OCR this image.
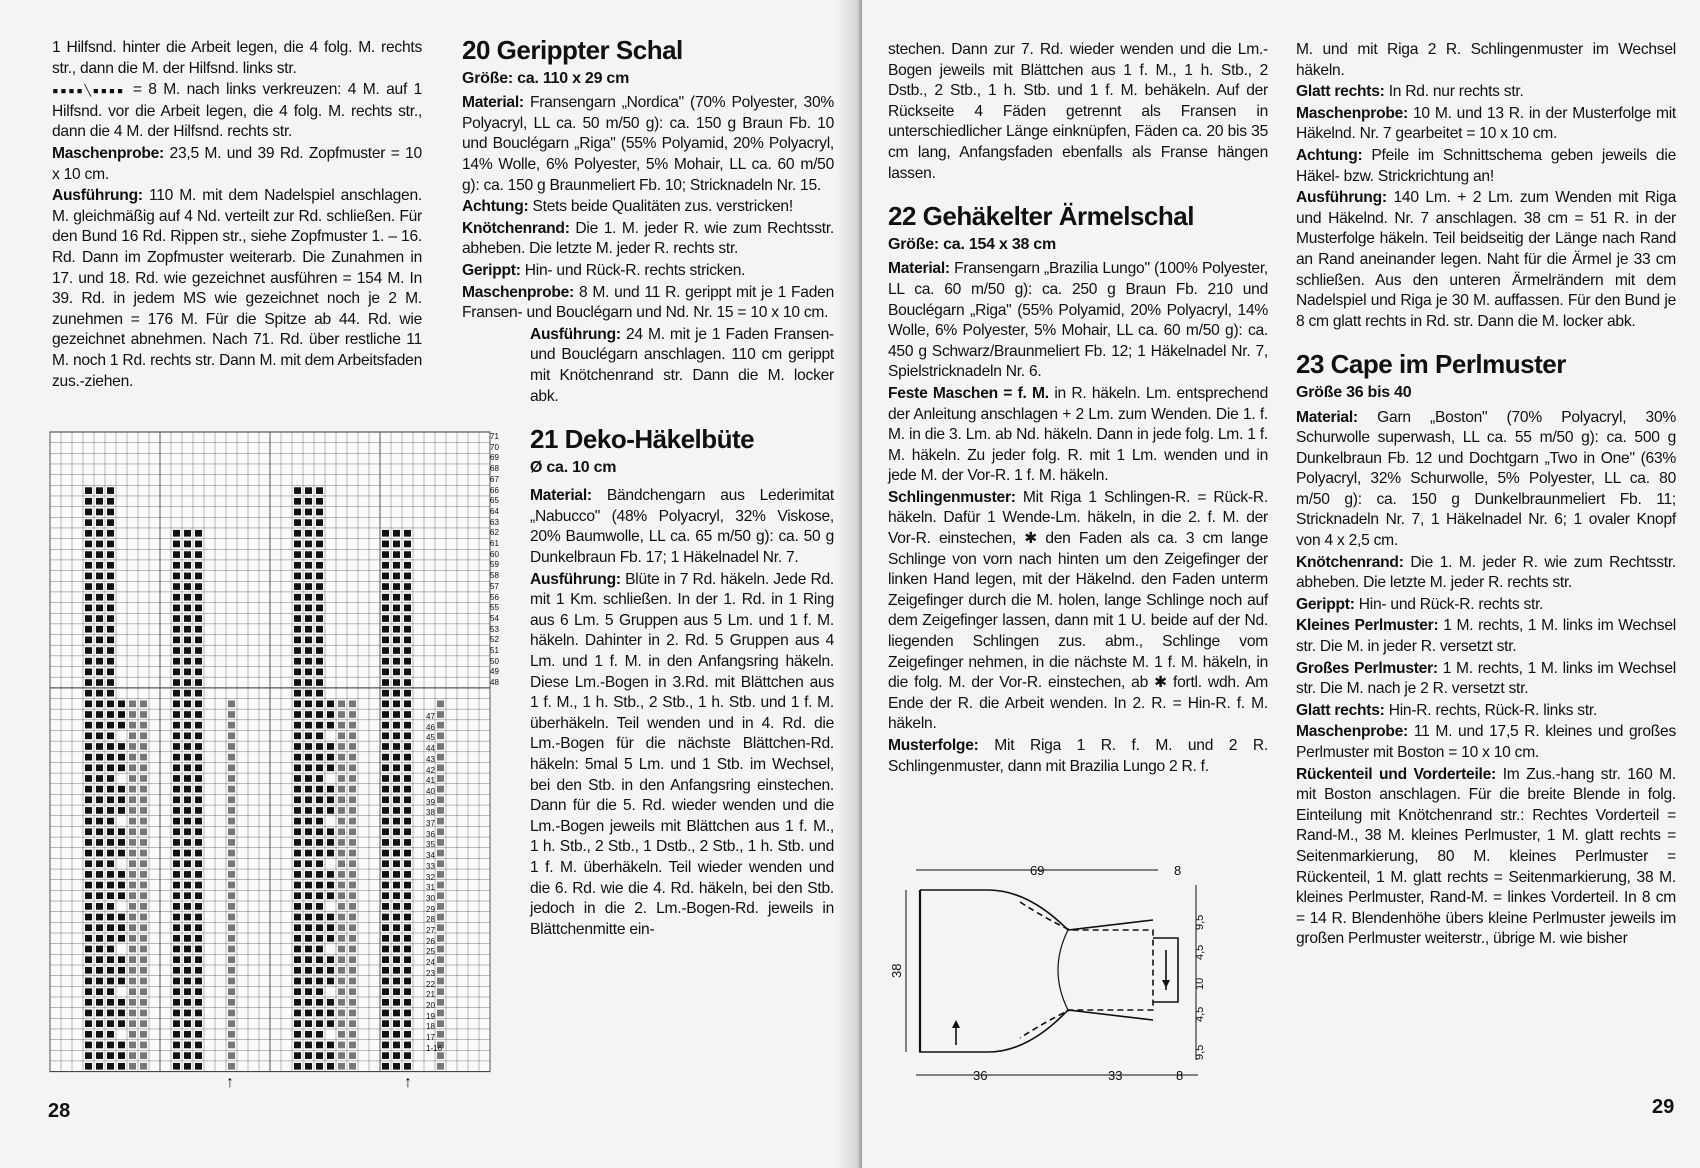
1 Hilfsnd. hinter die Arbeit legen, die 4 folg. M. rechts str., dann die M. der Hilfsnd. links str.

▪▪▪▪╲▪▪▪▪ = 8 M. nach links verkreuzen: 4 M. auf 1 Hilfsnd. vor die Arbeit legen, die 4 folg. M. rechts str., dann die 4 M. der Hilfsnd. rechts str.

Maschenprobe: 23,5 M. und 39 Rd. Zopfmuster = 10 x 10 cm.

Ausführung: 110 M. mit dem Nadelspiel anschlagen. M. gleichmäßig auf 4 Nd. verteilt zur Rd. schließen. Für den Bund 16 Rd. Rippen str., siehe Zopfmuster 1. – 16. Rd. Dann im Zopfmuster weiterarb. Die Zunahmen in 17. und 18. Rd. wie gezeichnet ausführen = 154 M. In 39. Rd. in jedem MS wie gezeichnet noch je 2 M. zunehmen = 176 M. Für die Spitze ab 44. Rd. wie gezeichnet abnehmen. Nach 71. Rd. über restliche 11 M. noch 1 Rd. rechts str. Dann M. mit dem Arbeitsfaden zus.-ziehen.

71
70
69
68
67
66
65
64
63
62
61
60
59
58
57
56
55
54
53
52
51
50
49
48
47
46
45
44
43
42
41
40
39
38
37
36
35
34
33
32
31
30
29
28
27
26
25
24
23
22
21
20
19
18
17
1-16
↑	↑
28
20 Gerippter Schal
Größe: ca. 110 x 29 cm

Material: Fransengarn „Nordica" (70% Polyester, 30% Polyacryl, LL ca. 50 m/50 g): ca. 150 g Braun Fb. 10 und Bouclégarn „Riga" (55% Polyamid, 20% Polyacryl, 14% Wolle, 6% Polyester, 5% Mohair, LL ca. 60 m/50 g): ca. 150 g Braunmeliert Fb. 10; Stricknadeln Nr. 15.

Achtung: Stets beide Qualitäten zus. verstricken!

Knötchenrand: Die 1. M. jeder R. wie zum Rechtsstr. abheben. Die letzte M. jeder R. rechts str.

Gerippt: Hin- und Rück-R. rechts stricken.

Maschenprobe: 8 M. und 11 R. gerippt mit je 1 Faden Fransen- und Bouclégarn und Nd. Nr. 15 = 10 x 10 cm.

Ausführung: 24 M. mit je 1 Faden Fransen- und Bouclégarn anschlagen. 110 cm gerippt mit Knötchenrand str. Dann die M. locker abk.

21 Deko-Häkelbüte
Ø ca. 10 cm

Material: Bändchengarn aus Lederimitat „Nabucco" (48% Polyacryl, 32% Viskose, 20% Baumwolle, LL ca. 65 m/50 g): ca. 50 g Dunkelbraun Fb. 17; 1 Häkelnadel Nr. 7.

Ausführung: Blüte in 7 Rd. häkeln. Jede Rd. mit 1 Km. schließen. In der 1. Rd. in 1 Ring aus 6 Lm. 5 Gruppen aus 5 Lm. und 1 f. M. häkeln. Dahinter in 2. Rd. 5 Gruppen aus 4 Lm. und 1 f. M. in den Anfangsring häkeln. Diese Lm.-Bogen in 3.Rd. mit Blättchen aus 1 f. M., 1 h. Stb., 2 Stb., 1 h. Stb. und 1 f. M. überhäkeln. Teil wenden und in 4. Rd. die Lm.-Bogen für die nächste Blättchen-Rd. häkeln: 5mal 5 Lm. und 1 Stb. im Wechsel, bei den Stb. in den Anfangsring einstechen. Dann für die 5. Rd. wieder wenden und die Lm.-Bogen jeweils mit Blättchen aus 1 f. M., 1 h. Stb., 2 Stb., 1 Dstb., 2 Stb., 1 h. Stb. und 1 f. M. überhäkeln. Teil wieder wenden und die 6. Rd. wie die 4. Rd. häkeln, bei den Stb. jedoch in die 2. Lm.-Bogen-Rd. jeweils in Blättchenmitte ein-

stechen. Dann zur 7. Rd. wieder wenden und die Lm.-Bogen jeweils mit Blättchen aus 1 f. M., 1 h. Stb., 2 Dstb., 2 Stb., 1 h. Stb. und 1 f. M. behäkeln. Auf der Rückseite 4 Fäden getrennt als Fransen in unterschiedlicher Länge einknüpfen, Fäden ca. 20 bis 35 cm lang, Anfangsfaden ebenfalls als Franse hängen lassen.

22 Gehäkelter Ärmelschal
Größe: ca. 154 x 38 cm

Material: Fransengarn „Brazilia Lungo" (100% Polyester, LL ca. 60 m/50 g): ca. 250 g Braun Fb. 210 und Bouclégarn „Riga" (55% Polyamid, 20% Polyacryl, 14% Wolle, 6% Polyester, 5% Mohair, LL ca. 60 m/50 g): ca. 450 g Schwarz/Braunmeliert Fb. 12; 1 Häkelnadel Nr. 7, Spielstricknadeln Nr. 6.

Feste Maschen = f. M. in R. häkeln. Lm. entsprechend der Anleitung anschlagen + 2 Lm. zum Wenden. Die 1. f. M. in die 3. Lm. ab Nd. häkeln. Dann in jede folg. Lm. 1 f. M. häkeln. Zu jeder folg. R. mit 1 Lm. wenden und in jede M. der Vor-R. 1 f. M. häkeln.

Schlingenmuster: Mit Riga 1 Schlingen-R. = Rück-R. häkeln. Dafür 1 Wende-Lm. häkeln, in die 2. f. M. der Vor-R. einstechen, ✱ den Faden als ca. 3 cm lange Schlinge von vorn nach hinten um den Zeigefinger der linken Hand legen, mit der Häkelnd. den Faden unterm Zeigefinger durch die M. holen, lange Schlinge noch auf dem Zeigefinger lassen, dann mit 1 U. beide auf der Nd. liegenden Schlingen zus. abm., Schlinge vom Zeigefinger nehmen, in die nächste M. 1 f. M. häkeln, in die folg. M. der Vor-R. einstechen, ab ✱ fortl. wdh. Am Ende der R. die Arbeit wenden. In 2. R. = Hin-R. f. M. häkeln.

Musterfolge: Mit Riga 1 R. f. M. und 2 R. Schlingenmuster, dann mit Brazilia Lungo 2 R. f.

69	8
36	33	8
38
9,5
4,5
10
4,5
9,5

M. und mit Riga 2 R. Schlingenmuster im Wechsel häkeln.

Glatt rechts: In Rd. nur rechts str.

Maschenprobe: 10 M. und 13 R. in der Musterfolge mit Häkelnd. Nr. 7 gearbeitet = 10 x 10 cm.

Achtung: Pfeile im Schnittschema geben jeweils die Häkel- bzw. Strickrichtung an!

Ausführung: 140 Lm. + 2 Lm. zum Wenden mit Riga und Häkelnd. Nr. 7 anschlagen. 38 cm = 51 R. in der Musterfolge häkeln. Teil beidseitig der Länge nach Rand an Rand aneinander legen. Naht für die Ärmel je 33 cm schließen. Aus den unteren Ärmelrändern mit dem Nadelspiel und Riga je 30 M. auffassen. Für den Bund je 8 cm glatt rechts in Rd. str. Dann die M. locker abk.

23 Cape im Perlmuster
Größe 36 bis 40

Material: Garn „Boston" (70% Polyacryl, 30% Schurwolle superwash, LL ca. 55 m/50 g): ca. 500 g Dunkelbraun Fb. 12 und Dochtgarn „Two in One" (63% Polyacryl, 32% Schurwolle, 5% Polyester, LL ca. 80 m/50 g): ca. 150 g Dunkelbraunmeliert Fb. 11; Stricknadeln Nr. 7, 1 Häkelnadel Nr. 6; 1 ovaler Knopf von 4 x 2,5 cm.

Knötchenrand: Die 1. M. jeder R. wie zum Rechtsstr. abheben. Die letzte M. jeder R. rechts str.

Gerippt: Hin- und Rück-R. rechts str.

Kleines Perlmuster: 1 M. rechts, 1 M. links im Wechsel str. Die M. in jeder R. versetzt str.

Großes Perlmuster: 1 M. rechts, 1 M. links im Wechsel str. Die M. nach je 2 R. versetzt str.

Glatt rechts: Hin-R. rechts, Rück-R. links str.

Maschenprobe: 11 M. und 17,5 R. kleines und großes Perlmuster mit Boston = 10 x 10 cm.

Rückenteil und Vorderteile: Im Zus.-hang str. 160 M. mit Boston anschlagen. Für die breite Blende in folg. Einteilung mit Knötchenrand str.: Rechtes Vorderteil = Rand-M., 38 M. kleines Perlmuster, 1 M. glatt rechts = Seitenmarkierung, 80 M. kleines Perlmuster = Rückenteil, 1 M. glatt rechts = Seitenmarkierung, 38 M. kleines Perlmuster, Rand-M. = linkes Vorderteil. In 8 cm = 14 R. Blendenhöhe übers kleine Perlmuster jeweils im großen Perlmuster weiterstr., übrige M. wie bisher

29
